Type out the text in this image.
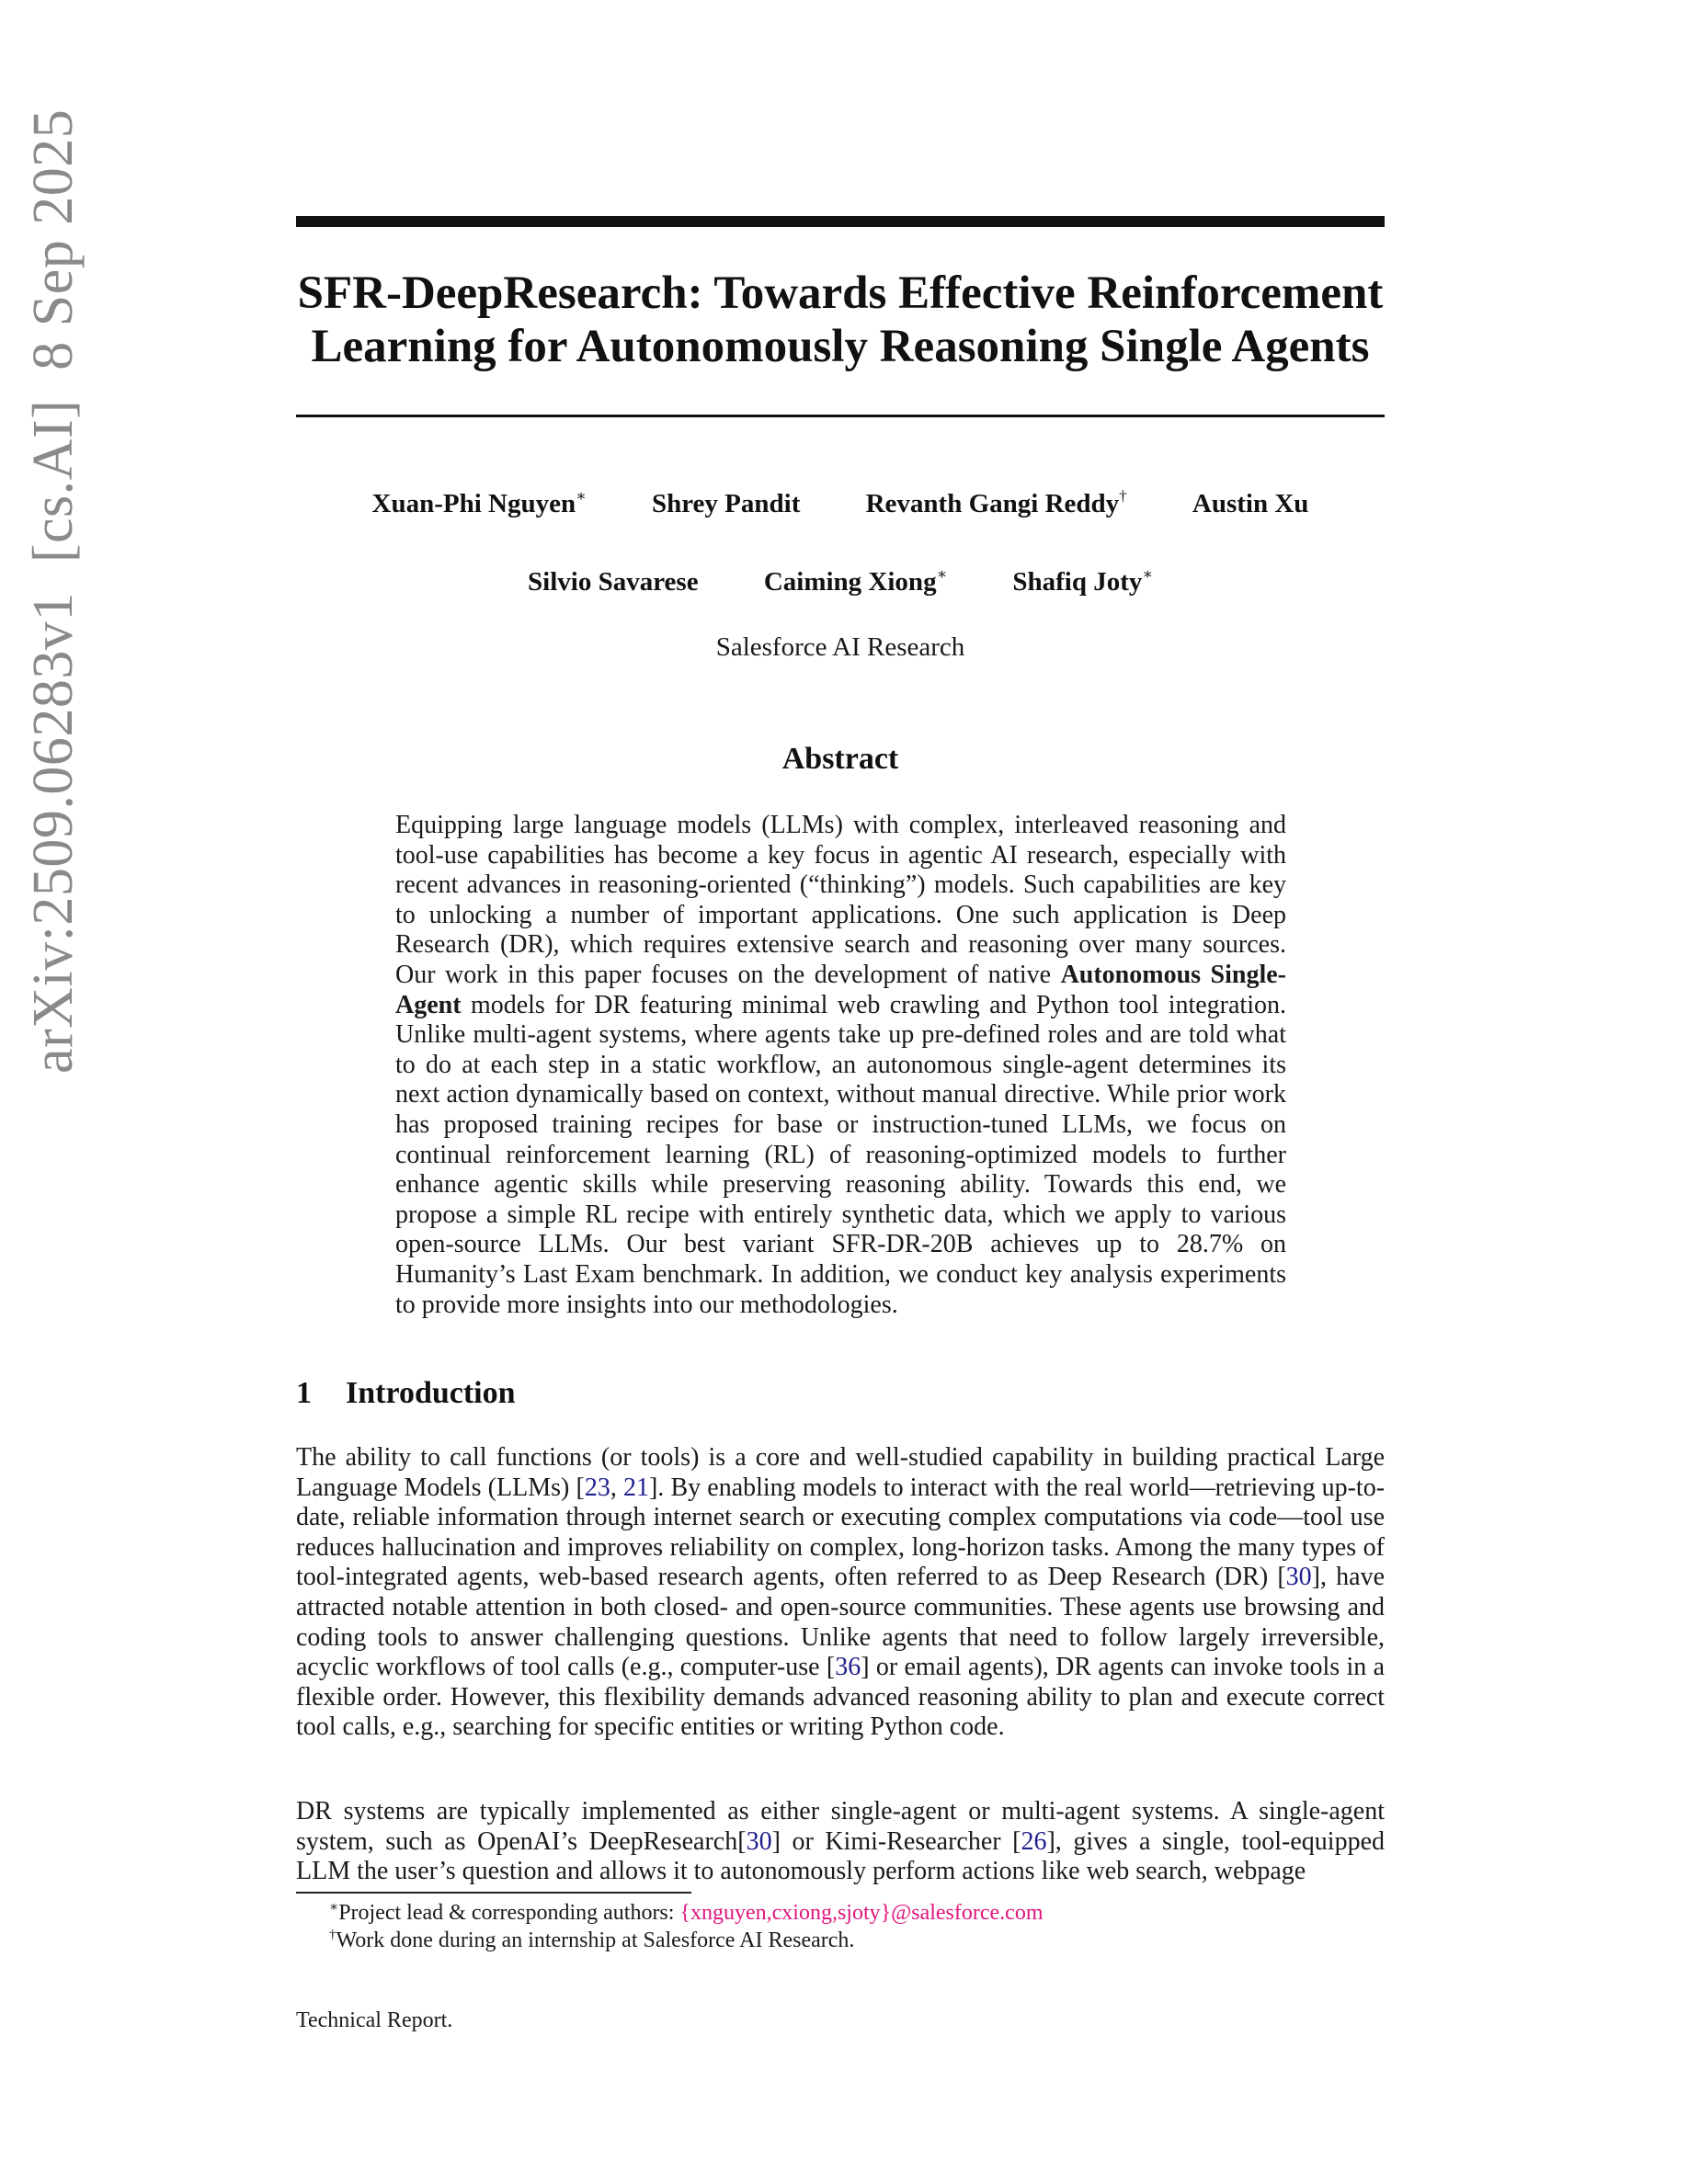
arXiv:2509.06283v1  [cs.AI]  8 Sep 2025	SFR-DeepResearch: Towards Effective Reinforcement
Learning for Autonomously Reasoning Single Agents
Xuan-Phi Nguyen∗ Shrey Pandit Revanth Gangi Reddy† Austin Xu
Silvio Savarese Caiming Xiong∗ Shafiq Joty∗
Salesforce AI Research
Abstract
Equipping large language models (LLMs) with complex, interleaved reasoning and tool-use capabilities has become a key focus in agentic AI research, especially with recent advances in reasoning-oriented (“thinking”) models. Such capabilities are key to unlocking a number of important applications. One such application is Deep Research (DR), which requires extensive search and reasoning over many sources. Our work in this paper focuses on the development of native Autonomous Single-Agent models for DR featuring minimal web crawling and Python tool integration. Unlike multi-agent systems, where agents take up pre-defined roles and are told what to do at each step in a static workflow, an autonomous single-agent determines its next action dynamically based on context, without manual directive. While prior work has proposed training recipes for base or instruction-tuned LLMs, we focus on continual reinforcement learning (RL) of reasoning-optimized models to further enhance agentic skills while preserving reasoning ability. Towards this end, we propose a simple RL recipe with entirely synthetic data, which we apply to various open-source LLMs. Our best variant SFR-DR-20B achieves up to 28.7% on Humanity’s Last Exam benchmark. In addition, we conduct key analysis experiments to provide more insights into our methodologies.
1 Introduction
The ability to call functions (or tools) is a core and well-studied capability in building practical Large Language Models (LLMs) [23, 21]. By enabling models to interact with the real world—retrieving up-to-date, reliable information through internet search or executing complex computations via code—tool use reduces hallucination and improves reliability on complex, long-horizon tasks. Among the many types of tool-integrated agents, web-based research agents, often referred to as Deep Research (DR) [30], have attracted notable attention in both closed- and open-source communities. These agents use browsing and coding tools to answer challenging questions. Unlike agents that need to follow largely irreversible, acyclic workflows of tool calls (e.g., computer-use [36] or email agents), DR agents can invoke tools in a flexible order. However, this flexibility demands advanced reasoning ability to plan and execute correct tool calls, e.g., searching for specific entities or writing Python code.
DR systems are typically implemented as either single-agent or multi-agent systems. A single-agent system, such as OpenAI’s DeepResearch[30] or Kimi-Researcher [26], gives a single, tool-equipped LLM the user’s question and allows it to autonomously perform actions like web search, webpage
∗Project lead & corresponding authors: {xnguyen,cxiong,sjoty}@salesforce.com
†Work done during an internship at Salesforce AI Research.
Technical Report.
